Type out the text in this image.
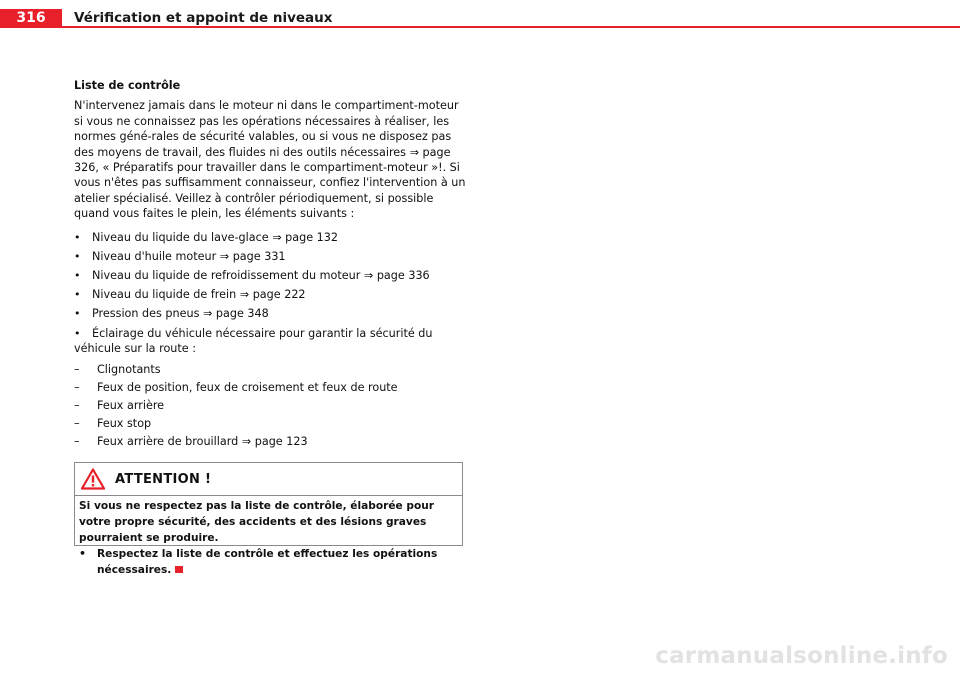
316	Vérification et appoint de niveaux
Liste de contrôle

N'intervenez jamais dans le moteur ni dans le compartiment-moteur si vous ne connaissez pas les opérations nécessaires à réaliser, les normes géné-rales de sécurité valables, ou si vous ne disposez pas des moyens de travail, des fluides ni des outils nécessaires ⇒ page 326, « Préparatifs pour travailler dans le compartiment-moteur »!. Si vous n'êtes pas suffisamment connaisseur, confiez l'intervention à un atelier spécialisé. Veillez à contrôler périodiquement, si possible quand vous faites le plein, les éléments suivants :

• Niveau du liquide du lave-glace ⇒ page 132
• Niveau d'huile moteur ⇒ page 331
• Niveau du liquide de refroidissement du moteur ⇒ page 336
• Niveau du liquide de frein ⇒ page 222
• Pression des pneus ⇒ page 348
• Éclairage du véhicule nécessaire pour garantir la sécurité du véhicule sur la route :
–	Clignotants
–	Feux de position, feux de croisement et feux de route
–	Feux arrière
–	Feux stop
–	Feux arrière de brouillard ⇒ page 123
ATTENTION !
Si vous ne respectez pas la liste de contrôle, élaborée pour votre propre sécurité, des accidents et des lésions graves pourraient se produire.
•	Respectez la liste de contrôle et effectuez les opérations nécessaires.
carmanualsonline.info
